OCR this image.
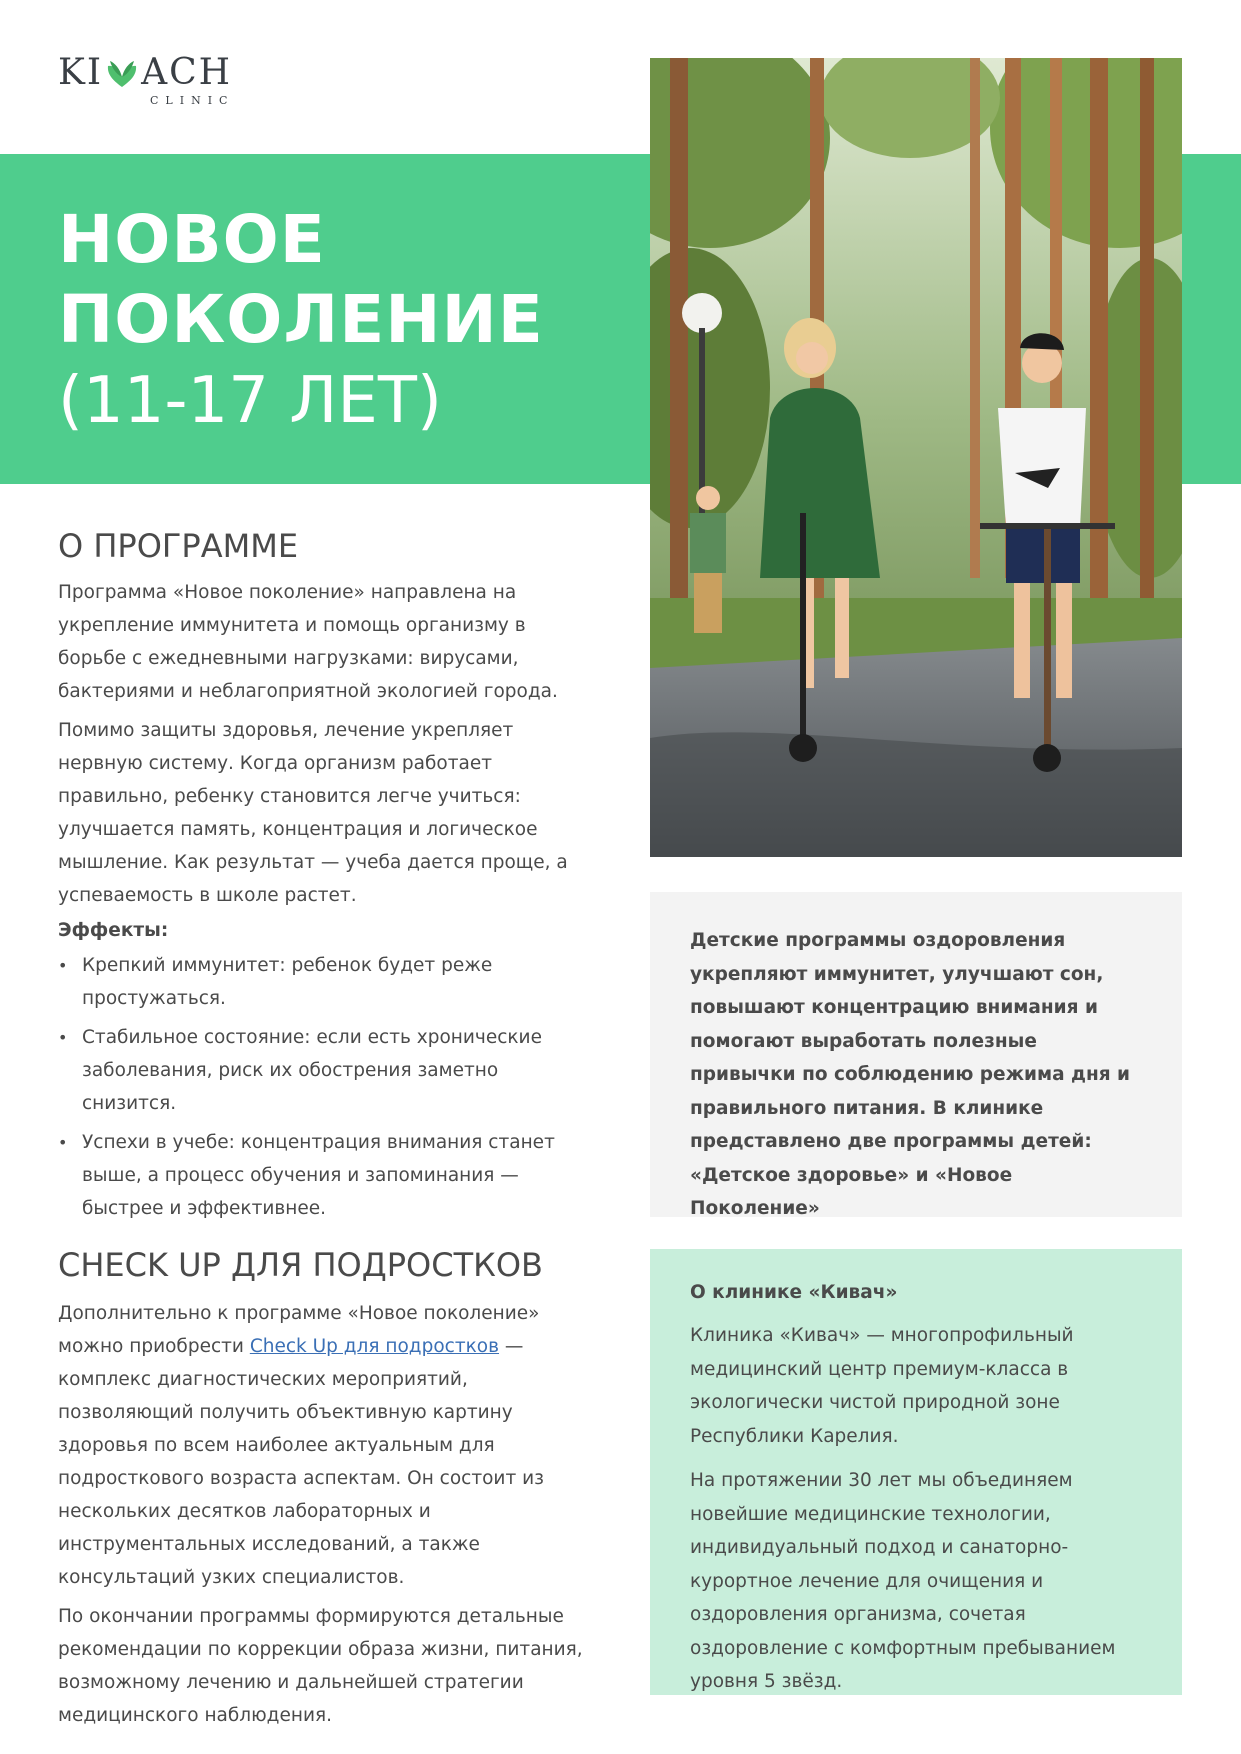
KI ACH
CLINIC
НОВОЕ
ПОКОЛЕНИЕ
(11-17 ЛЕТ)
О ПРОГРАММЕ

Программа «Новое поколение» направлена на укрепление иммунитета и помощь организму в борьбе с ежедневными нагрузками: вирусами, бактериями и неблагоприятной экологией города.

Помимо защиты здоровья, лечение укрепляет нервную систему. Когда организм работает правильно, ребенку становится легче учиться: улучшается память, концентрация и логическое мышление. Как результат — учеба дается проще, а успеваемость в школе растет.

Эффекты:

• Крепкий иммунитет: ребенок будет реже простужаться.
• Стабильное состояние: если есть хронические заболевания, риск их обострения заметно снизится.
• Успехи в учебе: концентрация внимания станет выше, а процесс обучения и запоминания — быстрее и эффективнее.
CHECK UP ДЛЯ ПОДРОСТКОВ

Дополнительно к программе «Новое поколение» можно приобрести Check Up для подростков — комплекс диагностических мероприятий, позволяющий получить объективную картину здоровья по всем наиболее актуальным для подросткового возраста аспектам. Он состоит из нескольких десятков лабораторных и инструментальных исследований, а также консультаций узких специалистов.

По окончании программы формируются детальные рекомендации по коррекции образа жизни, питания, возможному лечению и дальнейшей стратегии медицинского наблюдения.

Детские программы оздоровления укрепляют иммунитет, улучшают сон, повышают концентрацию внимания и помогают выработать полезные привычки по соблюдению режима дня и правильного питания. В клинике представлено две программы детей: «Детское здоровье» и «Новое Поколение»

О клинике «Кивач»

Клиника «Кивач» — многопрофильный медицинский центр премиум-класса в экологически чистой природной зоне Республики Карелия.

На протяжении 30 лет мы объединяем новейшие медицинские технологии, индивидуальный подход и санаторно-курортное лечение для очищения и оздоровления организма, сочетая оздоровление с комфортным пребыванием уровня 5 звёзд.
